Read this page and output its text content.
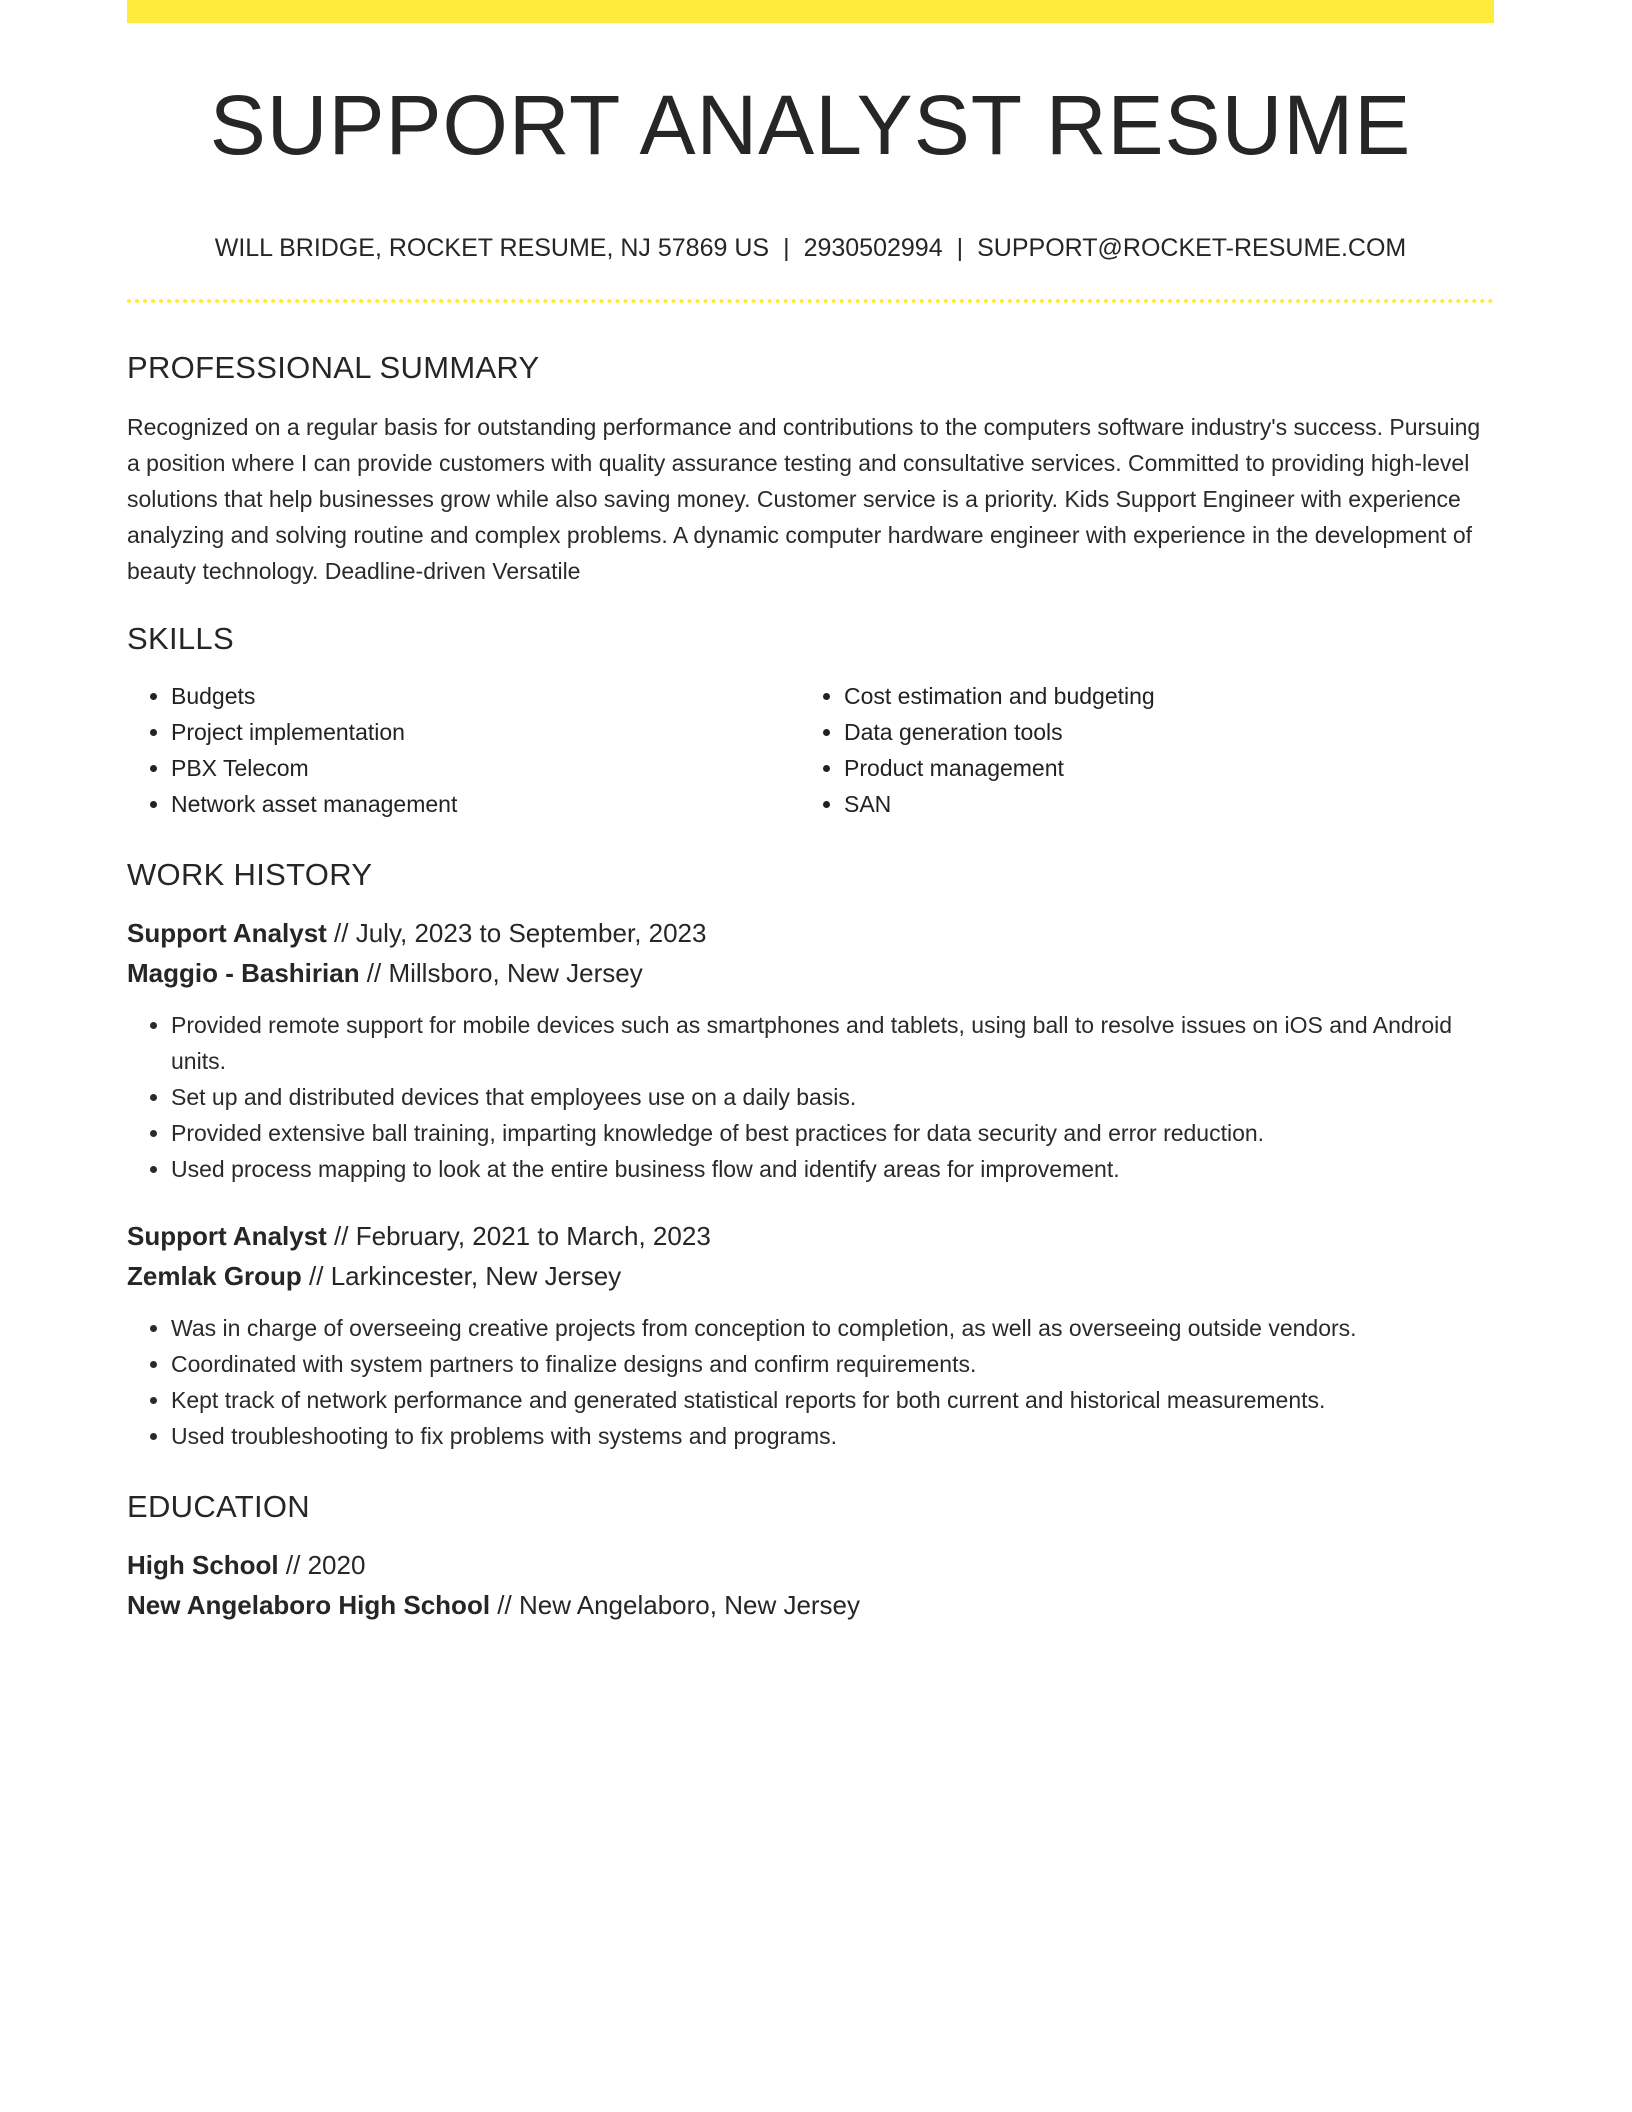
SUPPORT ANALYST RESUME
WILL BRIDGE, ROCKET RESUME, NJ 57869 US | 2930502994 | SUPPORT@ROCKET-RESUME.COM
PROFESSIONAL SUMMARY
Recognized on a regular basis for outstanding performance and contributions to the computers software industry's success. Pursuing a position where I can provide customers with quality assurance testing and consultative services. Committed to providing high-level solutions that help businesses grow while also saving money. Customer service is a priority. Kids Support Engineer with experience analyzing and solving routine and complex problems. A dynamic computer hardware engineer with experience in the development of beauty technology. Deadline-driven Versatile
SKILLS
• Budgets
• Project implementation
• PBX Telecom
• Network asset management
• Cost estimation and budgeting
• Data generation tools
• Product management
• SAN
WORK HISTORY
Support Analyst // July, 2023 to September, 2023
Maggio - Bashirian // Millsboro, New Jersey
• Provided remote support for mobile devices such as smartphones and tablets, using ball to resolve issues on iOS and Android units.
• Set up and distributed devices that employees use on a daily basis.
• Provided extensive ball training, imparting knowledge of best practices for data security and error reduction.
• Used process mapping to look at the entire business flow and identify areas for improvement.
Support Analyst // February, 2021 to March, 2023
Zemlak Group // Larkincester, New Jersey
• Was in charge of overseeing creative projects from conception to completion, as well as overseeing outside vendors.
• Coordinated with system partners to finalize designs and confirm requirements.
• Kept track of network performance and generated statistical reports for both current and historical measurements.
• Used troubleshooting to fix problems with systems and programs.
EDUCATION
High School // 2020
New Angelaboro High School // New Angelaboro, New Jersey
